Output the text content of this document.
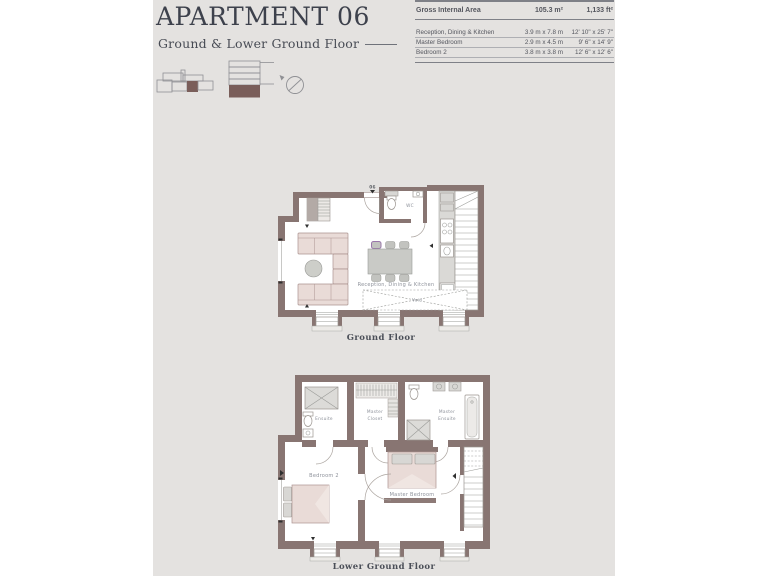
APARTMENT 06
Ground & Lower Ground Floor
Gross Internal Area	105.3 m²	1,133 ft²
Reception, Dining & Kitchen	3.9 m x 7.8 m	12' 10" x 25' 7"
Master Bedroom	2.9 m x 4.5 m	9' 6" x 14' 9"
Bedroom 2	3.8 m x 3.8 m	12' 6" x 12' 6"
06
WC
Void
Reception, Dining & Kitchen
Ground Floor
Ensuite
Master
Closet
Master
Ensuite
Bedroom 2
Master Bedroom
Lower Ground Floor
